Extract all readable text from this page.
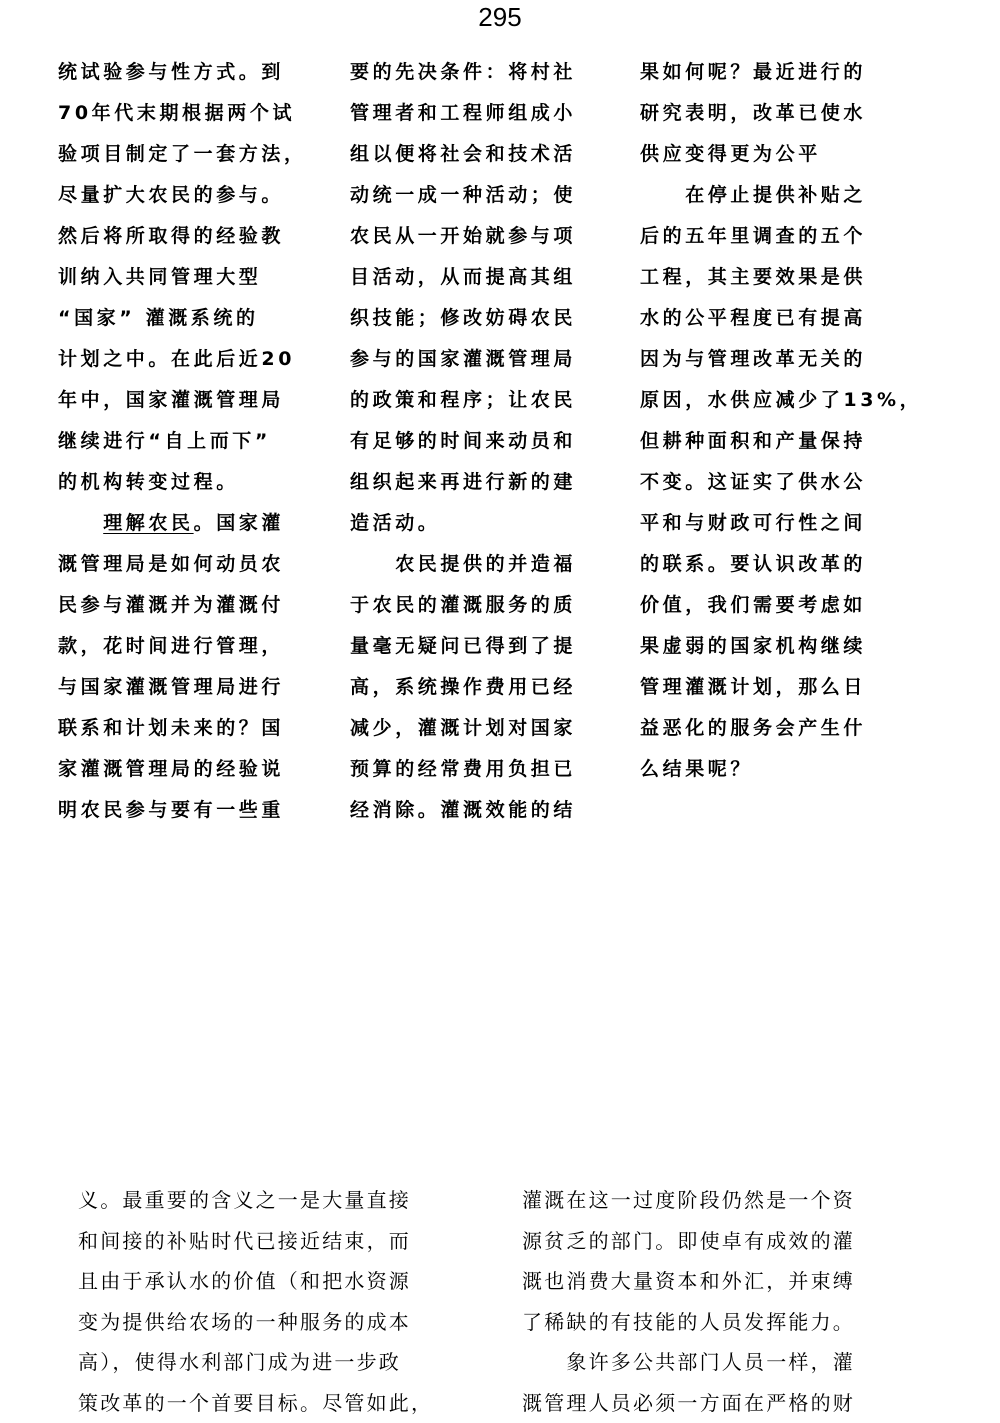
295
统试验参与性方式。到
70年代末期根据两个试
验项目制定了一套方法，
尽量扩大农民的参与。
然后将所取得的经验教
训纳入共同管理大型
“国家” 灌溉系统的
计划之中。在此后近20
年中，国家灌溉管理局
继续进行“自上而下”
的机构转变过程。
　　理解农民。国家灌
溉管理局是如何动员农
民参与灌溉并为灌溉付
款，花时间进行管理，
与国家灌溉管理局进行
联系和计划未来的？国
家灌溉管理局的经验说
明农民参与要有一些重
要的先决条件：将村社
管理者和工程师组成小
组以便将社会和技术活
动统一成一种活动；使
农民从一开始就参与项
目活动，从而提高其组
织技能；修改妨碍农民
参与的国家灌溉管理局
的政策和程序；让农民
有足够的时间来动员和
组织起来再进行新的建
造活动。
　　农民提供的并造福
于农民的灌溉服务的质
量毫无疑问已得到了提
高，系统操作费用已经
减少，灌溉计划对国家
预算的经常费用负担已
经消除。灌溉效能的结
果如何呢？最近进行的
研究表明，改革已使水
供应变得更为公平
　　在停止提供补贴之
后的五年里调查的五个
工程，其主要效果是供
水的公平程度已有提高
因为与管理改革无关的
原因，水供应减少了13%，
但耕种面积和产量保持
不变。这证实了供水公
平和与财政可行性之间
的联系。要认识改革的
价值，我们需要考虑如
果虚弱的国家机构继续
管理灌溉计划，那么日
益恶化的服务会产生什
么结果呢？
义。最重要的含义之一是大量直接
和间接的补贴时代已接近结束，而
且由于承认水的价值（和把水资源
变为提供给农场的一种服务的成本
高），使得水利部门成为进一步政
策改革的一个首要目标。尽管如此，
灌溉在这一过度阶段仍然是一个资
源贫乏的部门。即使卓有成效的灌
溉也消费大量资本和外汇，并束缚
了稀缺的有技能的人员发挥能力。
　　象许多公共部门人员一样，灌
溉管理人员必须一方面在严格的财
